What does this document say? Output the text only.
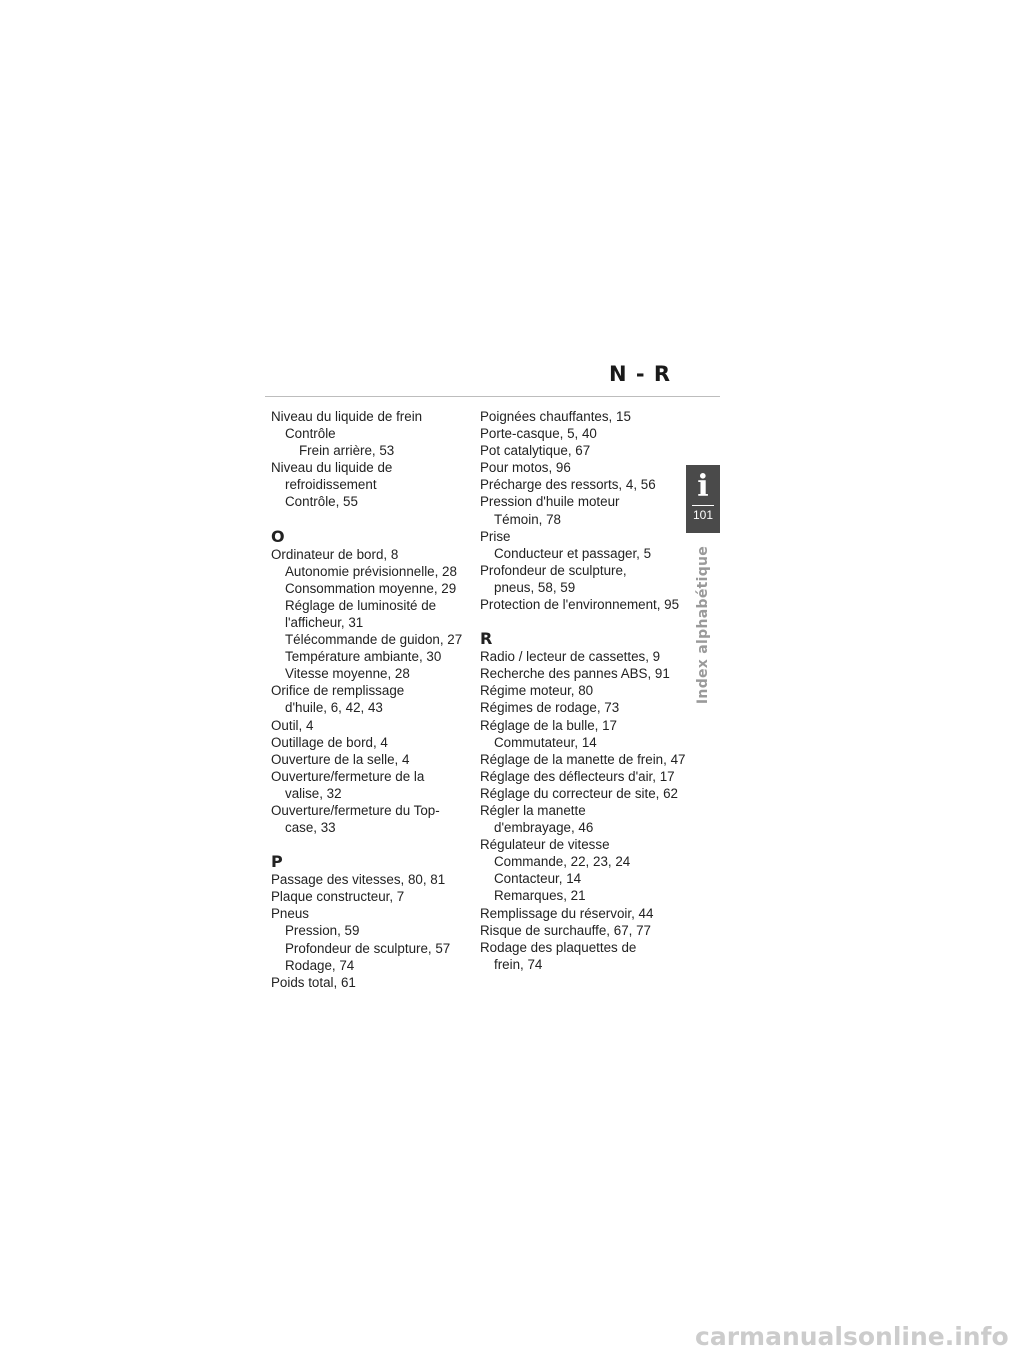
N - R
i
101
Index alphabétique
Niveau du liquide de frein
Contrôle
Frein arrière, 53
Niveau du liquide de
refroidissement
Contrôle, 55
O
Ordinateur de bord, 8
Autonomie prévisionnelle, 28
Consommation moyenne, 29
Réglage de luminosité de
l'afficheur, 31
Télécommande de guidon, 27
Température ambiante, 30
Vitesse moyenne, 28
Orifice de remplissage
d'huile, 6, 42, 43
Outil, 4
Outillage de bord, 4
Ouverture de la selle, 4
Ouverture/fermeture de la
valise, 32
Ouverture/fermeture du Top-
case, 33
P
Passage des vitesses, 80, 81
Plaque constructeur, 7
Pneus
Pression, 59
Profondeur de sculpture, 57
Rodage, 74
Poids total, 61
Poignées chauffantes, 15
Porte-casque, 5, 40
Pot catalytique, 67
Pour motos, 96
Précharge des ressorts, 4, 56
Pression d'huile moteur
Témoin, 78
Prise
Conducteur et passager, 5
Profondeur de sculpture,
pneus, 58, 59
Protection de l'environnement, 95
R
Radio / lecteur de cassettes, 9
Recherche des pannes ABS, 91
Régime moteur, 80
Régimes de rodage, 73
Réglage de la bulle, 17
Commutateur, 14
Réglage de la manette de frein, 47
Réglage des déflecteurs d'air, 17
Réglage du correcteur de site, 62
Régler la manette
d'embrayage, 46
Régulateur de vitesse
Commande, 22, 23, 24
Contacteur, 14
Remarques, 21
Remplissage du réservoir, 44
Risque de surchauffe, 67, 77
Rodage des plaquettes de
frein, 74
carmanualsonline.info
